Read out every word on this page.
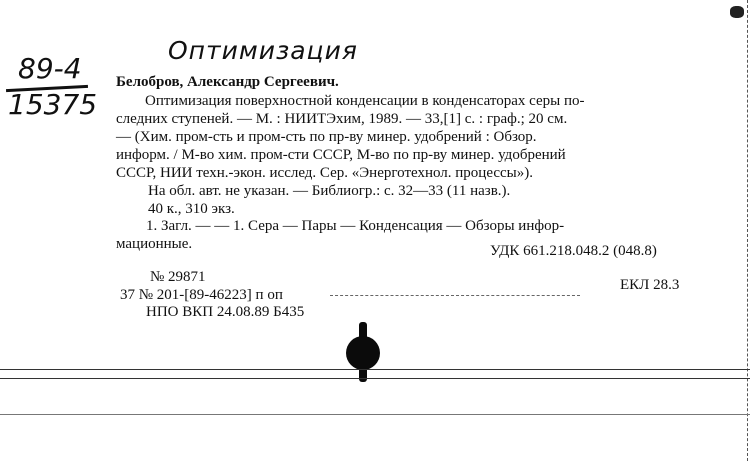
Оптимизация
89-4
15375
Белобров, Александр Сергеевич.
Оптимизация поверхностной конденсации в конденсаторах серы по-
следних ступеней. — М. : НИИТЭхим, 1989. — 33,[1] с. : граф.; 20 см.
— (Хим. пром-сть и пром-сть по пр-ву минер. удобрений : Обзор.
информ. / М-во хим. пром-сти СССР, М-во по пр-ву минер. удобрений
СССР, НИИ техн.-экон. исслед. Сер. «Энерготехнол. процессы»).
На обл. авт. не указан. — Библиогр.: с. 32—33 (11 назв.).
40 к., 310 экз.
1. Загл. — — 1. Сера — Пары — Конденсация — Обзоры инфор-
мационные.	УДК 661.218.048.2 (048.8)
№ 29871
37 № 201-[89-46223] п оп
ЕКЛ 28.3
НПО ВКП 24.08.89 Б435
